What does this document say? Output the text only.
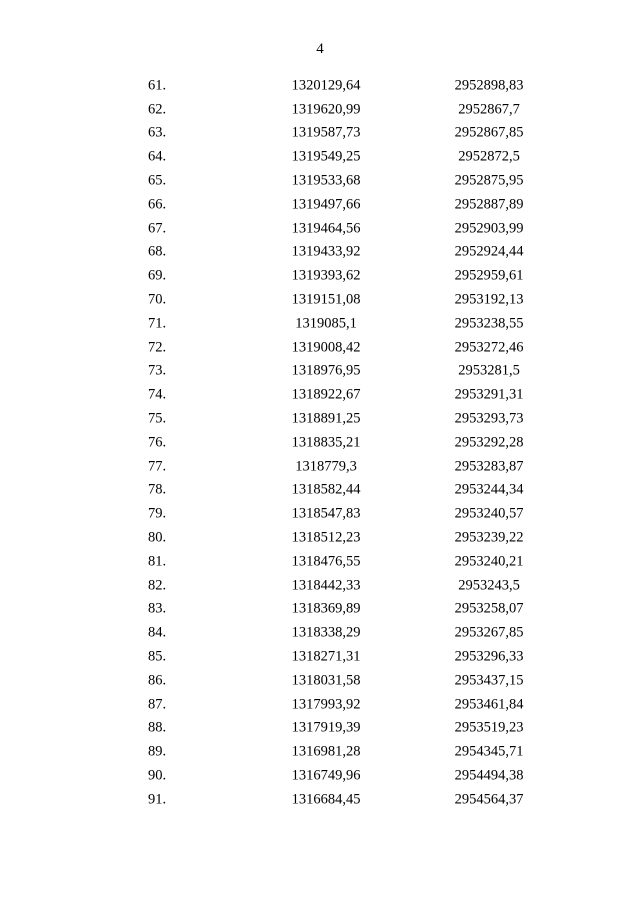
4
61.	1320129,64	2952898,83

62.	1319620,99	2952867,7

63.	1319587,73	2952867,85

64.	1319549,25	2952872,5

65.	1319533,68	2952875,95

66.	1319497,66	2952887,89

67.	1319464,56	2952903,99

68.	1319433,92	2952924,44

69.	1319393,62	2952959,61

70.	1319151,08	2953192,13

71.	1319085,1	2953238,55

72.	1319008,42	2953272,46

73.	1318976,95	2953281,5

74.	1318922,67	2953291,31

75.	1318891,25	2953293,73

76.	1318835,21	2953292,28

77.	1318779,3	2953283,87

78.	1318582,44	2953244,34

79.	1318547,83	2953240,57

80.	1318512,23	2953239,22

81.	1318476,55	2953240,21

82.	1318442,33	2953243,5

83.	1318369,89	2953258,07

84.	1318338,29	2953267,85

85.	1318271,31	2953296,33

86.	1318031,58	2953437,15

87.	1317993,92	2953461,84

88.	1317919,39	2953519,23

89.	1316981,28	2954345,71

90.	1316749,96	2954494,38

91.	1316684,45	2954564,37
